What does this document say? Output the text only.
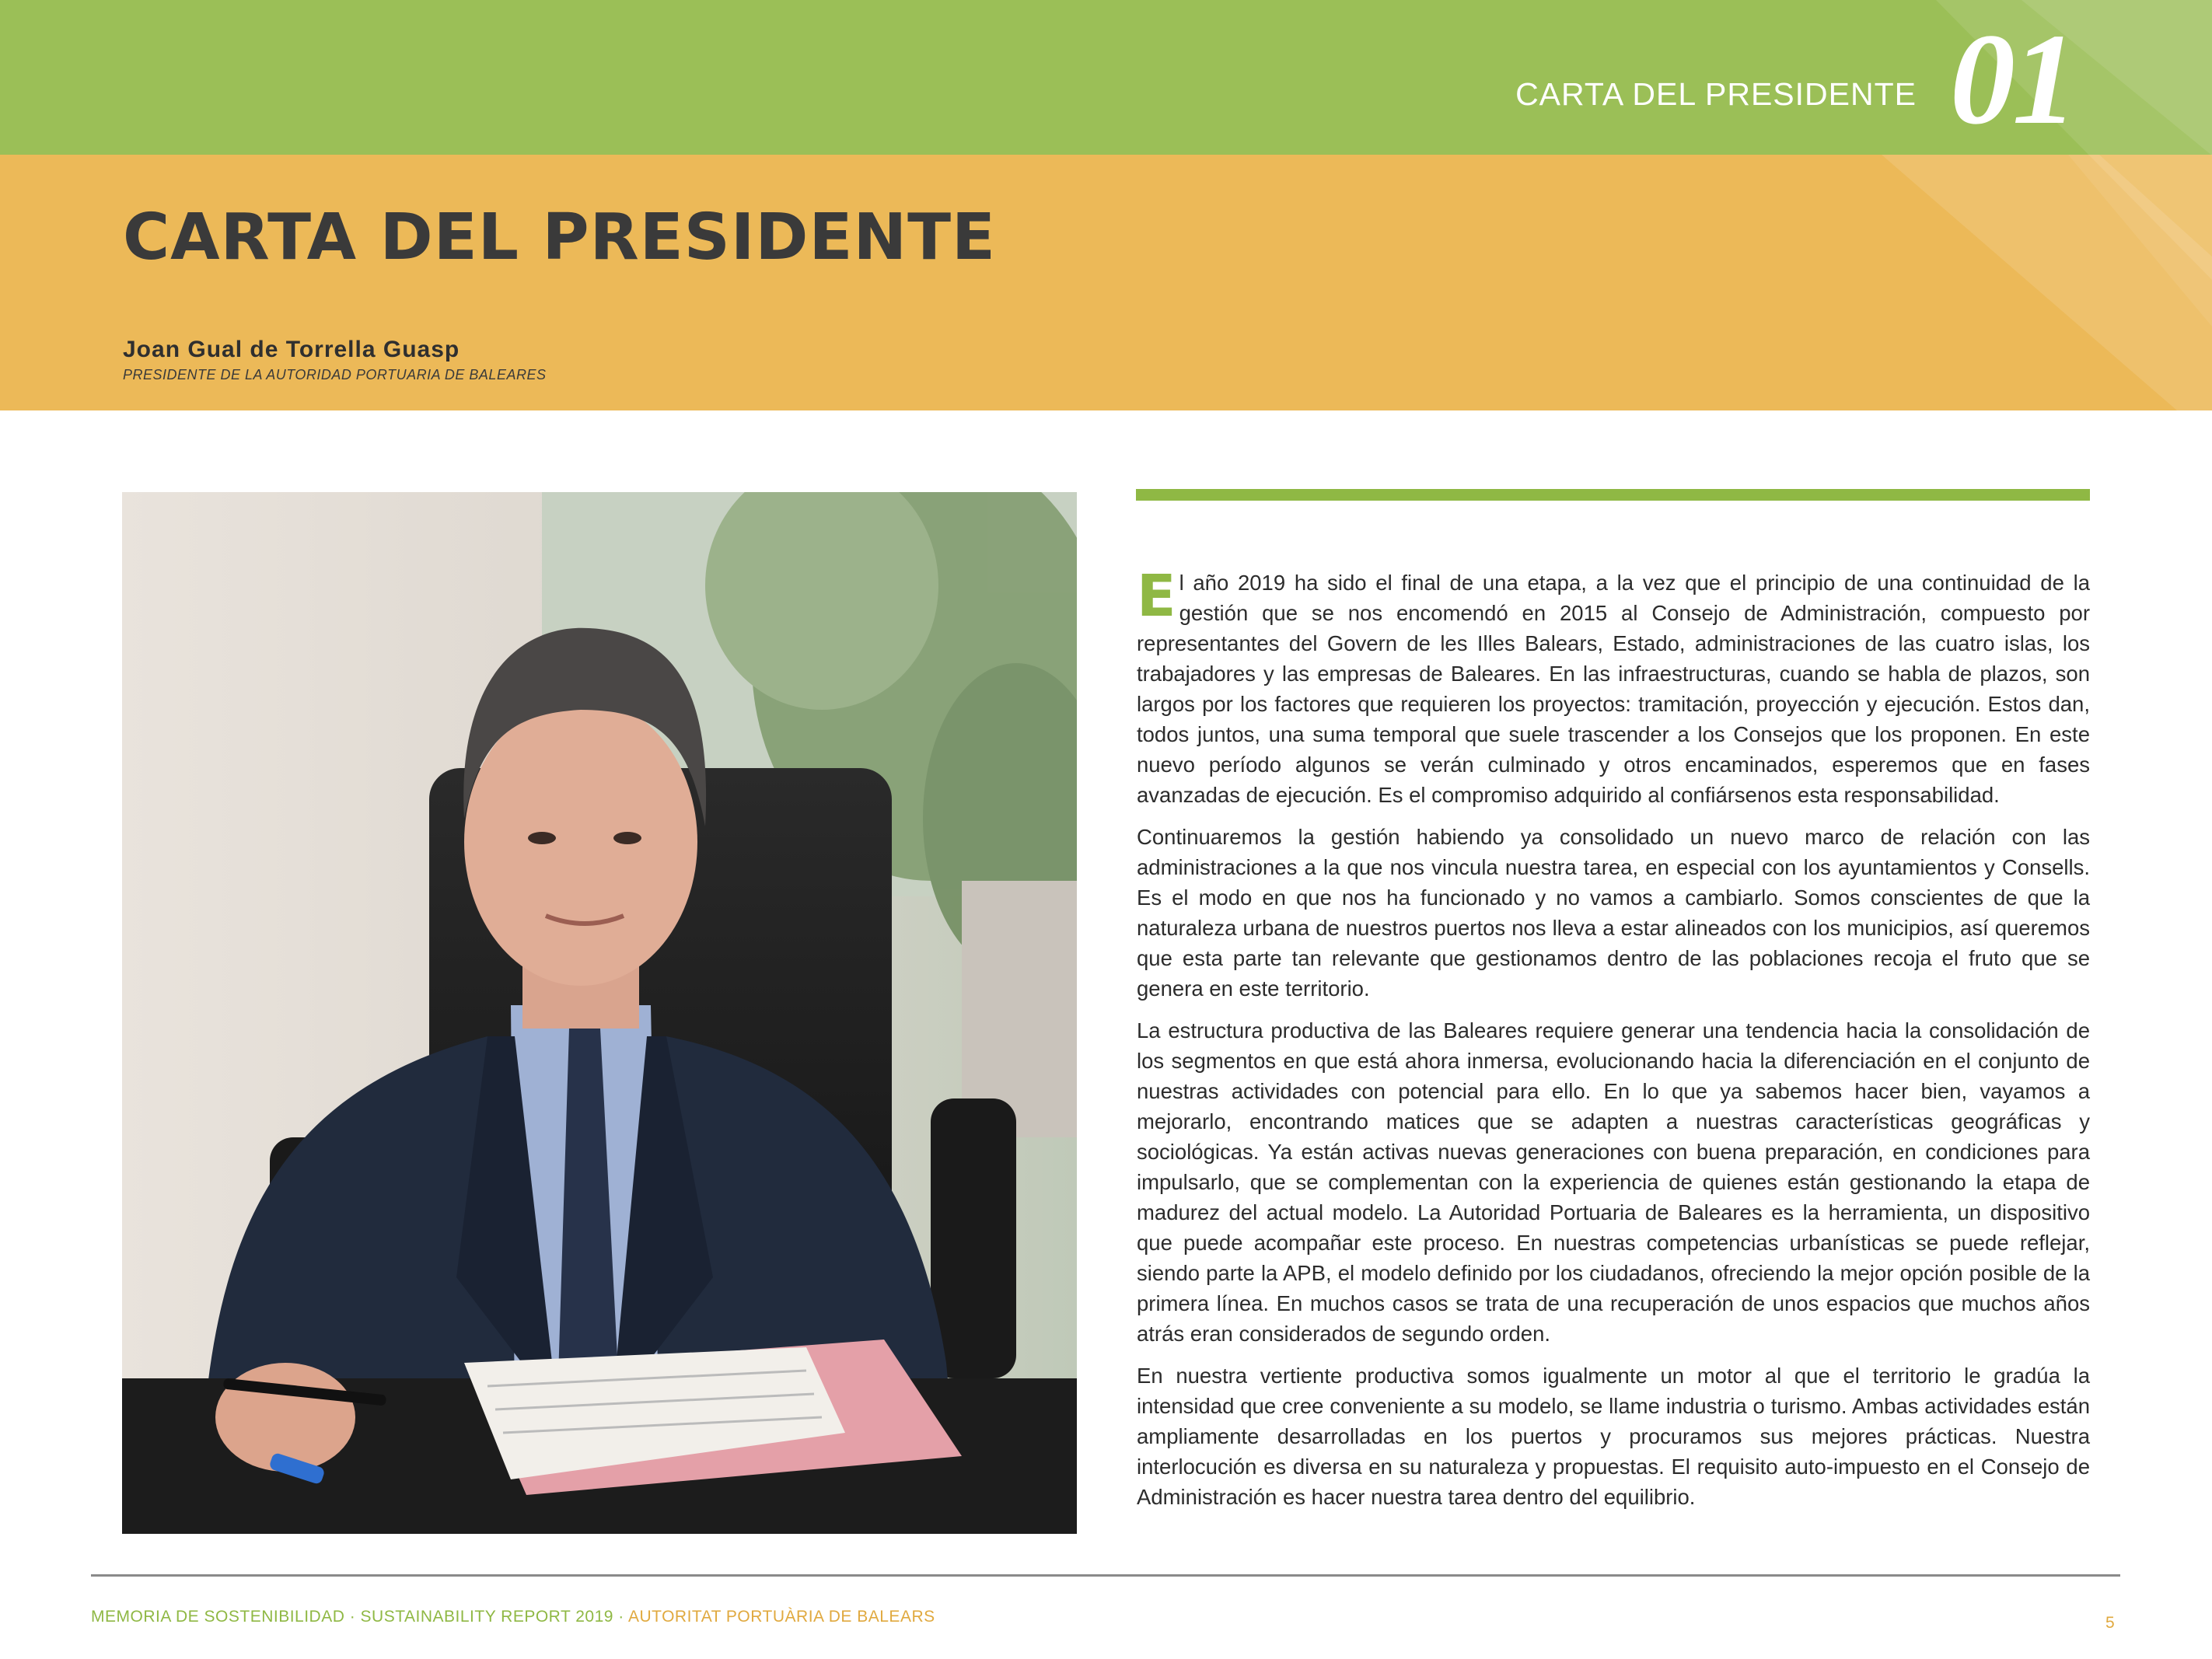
CARTA DEL PRESIDENTE 01
CARTA DEL PRESIDENTE
Joan Gual de Torrella Guasp
PRESIDENTE DE LA AUTORIDAD PORTUARIA DE BALEARES

El año 2019 ha sido el final de una etapa, a la vez que el principio de una continuidad de la gestión que se nos encomendó en 2015 al Consejo de Administración, compuesto por representantes del Govern de les Illes Balears, Estado, administraciones de las cuatro islas, los trabajadores y las empresas de Baleares. En las infraestructuras, cuando se habla de plazos, son largos por los factores que requieren los proyectos: tramitación, proyección y ejecución. Estos dan, todos juntos, una suma temporal que suele trascender a los Consejos que los proponen. En este nuevo período algunos se verán culminado y otros encaminados, esperemos que en fases avanzadas de ejecución. Es el compromiso adquirido al confiársenos esta responsabilidad.

Continuaremos la gestión habiendo ya consolidado un nuevo marco de relación con las administraciones a la que nos vincula nuestra tarea, en especial con los ayuntamientos y Consells. Es el modo en que nos ha funcionado y no vamos a cambiarlo. Somos conscientes de que la naturaleza urbana de nuestros puertos nos lleva a estar alineados con los municipios, así queremos que esta parte tan relevante que gestionamos dentro de las poblaciones recoja el fruto que se genera en este territorio.

La estructura productiva de las Baleares requiere generar una tendencia hacia la consolidación de los segmentos en que está ahora inmersa, evolucionando hacia la diferenciación en el conjunto de nuestras actividades con potencial para ello. En lo que ya sabemos hacer bien, vayamos a mejorarlo, encontrando matices que se adapten a nuestras características geográficas y sociológicas. Ya están activas nuevas generaciones con buena preparación, en condiciones para impulsarlo, que se complementan con la experiencia de quienes están gestionando la etapa de madurez del actual modelo. La Autoridad Portuaria de Baleares es la herramienta, un dispositivo que puede acompañar este proceso. En nuestras competencias urbanísticas se puede reflejar, siendo parte la APB, el modelo definido por los ciudadanos, ofreciendo la mejor opción posible de la primera línea. En muchos casos se trata de una recuperación de unos espacios que muchos años atrás eran considerados de segundo orden.

En nuestra vertiente productiva somos igualmente un motor al que el territorio le gradúa la intensidad que cree conveniente a su modelo, se llame industria o turismo. Ambas actividades están ampliamente desarrolladas en los puertos y procuramos sus mejores prácticas. Nuestra interlocución es diversa en su naturaleza y propuestas. El requisito auto-impuesto en el Consejo de Administración es hacer nuestra tarea dentro del equilibrio.

MEMORIA DE SOSTENIBILIDAD · SUSTAINABILITY REPORT 2019 · AUTORITAT PORTUÀRIA DE BALEARS	5
